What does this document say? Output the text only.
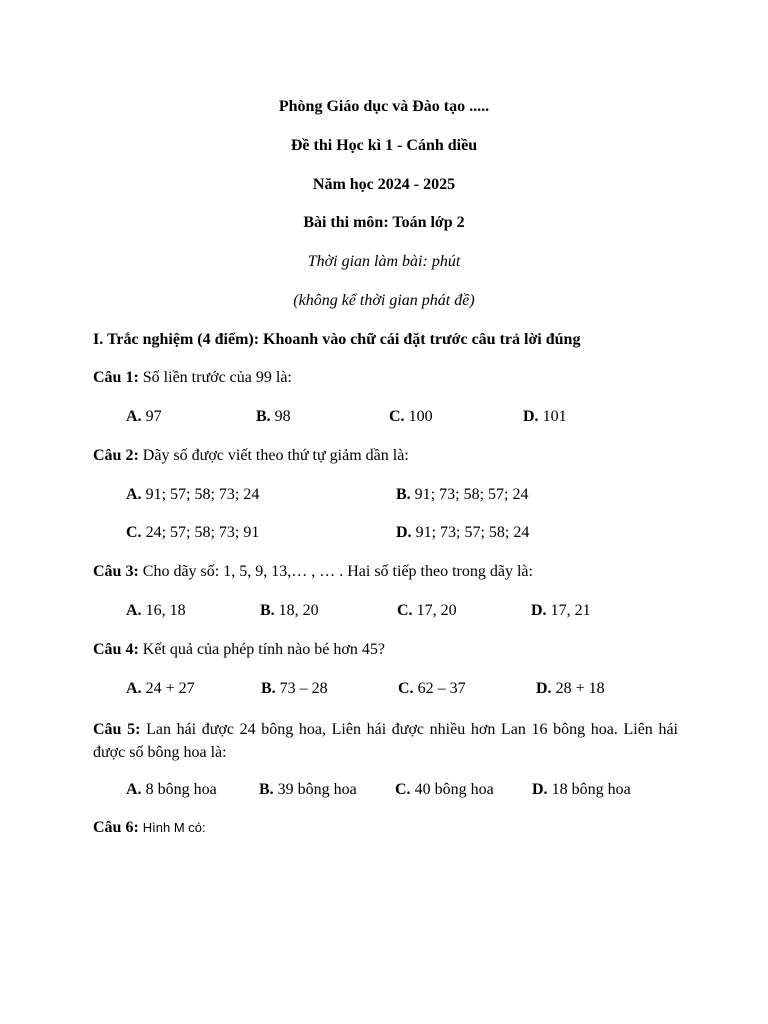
Phòng Giáo dục và Đào tạo .....
Đề thi Học kì 1 - Cánh diều
Năm học 2024 - 2025
Bài thi môn: Toán lớp 2
Thời gian làm bài: phút
(không kể thời gian phát đề)
I. Trắc nghiệm (4 điểm): Khoanh vào chữ cái đặt trước câu trả lời đúng
Câu 1: Số liền trước của 99 là:
A. 97	B. 98	C. 100	D. 101
Câu 2: Dãy số được viết theo thứ tự giảm dần là:
A. 91; 57; 58; 73; 24	B. 91; 73; 58; 57; 24
C. 24; 57; 58; 73; 91	D. 91; 73; 57; 58; 24
Câu 3: Cho dãy số: 1, 5, 9, 13,… , … . Hai số tiếp theo trong dãy là:
A. 16, 18	B. 18, 20	C. 17, 20	D. 17, 21
Câu 4: Kết quả của phép tính nào bé hơn 45?
A. 24 + 27	B. 73 – 28	C. 62 – 37	D. 28 + 18
Câu 5: Lan hái được 24 bông hoa, Liên hái được nhiều hơn Lan 16 bông hoa. Liên hái được số bông hoa là:
A. 8 bông hoa	B. 39 bông hoa C. 40 bông hoa D. 18 bông hoa
Câu 6: Hình M có:
